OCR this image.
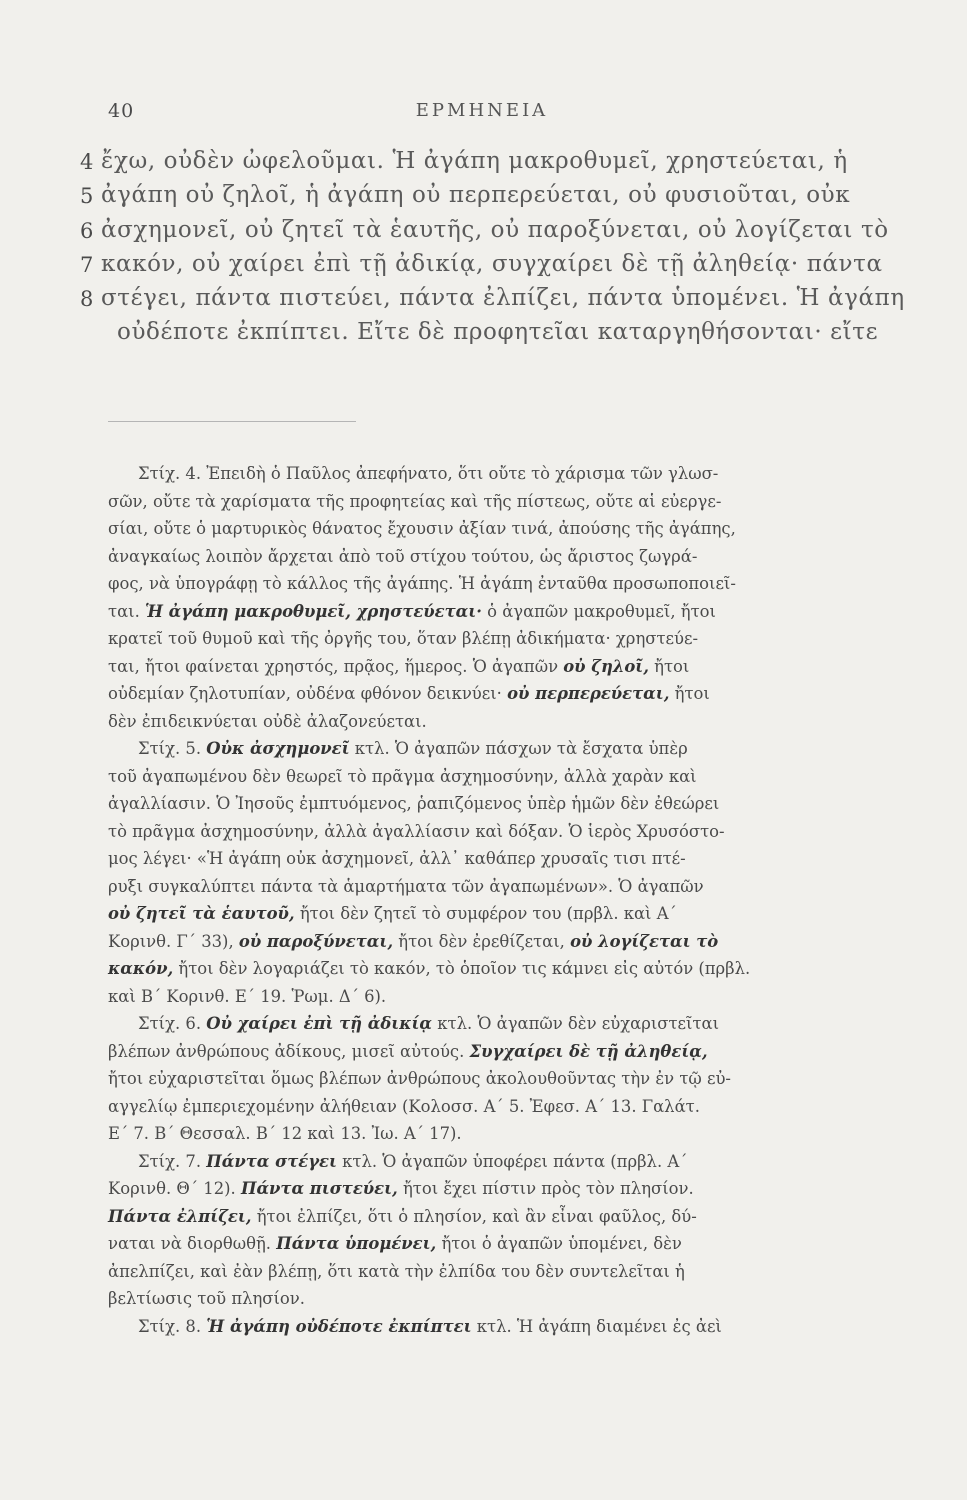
40	ΕΡΜΗΝΕΙΑ
4 ἔχω, οὐδὲν ὠφελοῦμαι. Ἡ ἀγάπη μακροθυμεῖ, χρηστεύεται, ἡ
5 ἀγάπη οὐ ζηλοῖ, ἡ ἀγάπη οὐ περπερεύεται, οὐ φυσιοῦται, οὐκ
6 ἀσχημονεῖ, οὐ ζητεῖ τὰ ἑαυτῆς, οὐ παροξύνεται, οὐ λογίζεται τὸ
7 κακόν, οὐ χαίρει ἐπὶ τῇ ἀδικίᾳ, συγχαίρει δὲ τῇ ἀληθείᾳ· πάντα
8 στέγει, πάντα πιστεύει, πάντα ἐλπίζει, πάντα ὑπομένει. Ἡ ἀγάπη
οὐδέποτε ἐκπίπτει. Εἴτε δὲ προφητεῖαι καταργηθήσονται· εἴτε
Στίχ. 4. Ἐπειδὴ ὁ Παῦλος ἀπεφήνατο, ὅτι οὔτε τὸ χάρισμα τῶν γλωσ-
σῶν, οὔτε τὰ χαρίσματα τῆς προφητείας καὶ τῆς πίστεως, οὔτε αἱ εὐεργε-
σίαι, οὔτε ὁ μαρτυρικὸς θάνατος ἔχουσιν ἀξίαν τινά, ἀπούσης τῆς ἀγάπης,
ἀναγκαίως λοιπὸν ἄρχεται ἀπὸ τοῦ στίχου τούτου, ὡς ἄριστος ζωγρά-
φος, νὰ ὑπογράφῃ τὸ κάλλος τῆς ἀγάπης. Ἡ ἀγάπη ἐνταῦθα προσωποποιεῖ-
ται. Ἡ ἀγάπη μακροθυμεῖ, χρηστεύεται· ὁ ἀγαπῶν μακροθυμεῖ, ἤτοι
κρατεῖ τοῦ θυμοῦ καὶ τῆς ὀργῆς του, ὅταν βλέπῃ ἀδικήματα· χρηστεύε-
ται, ἤτοι φαίνεται χρηστός, πρᾷος, ἥμερος. Ὁ ἀγαπῶν οὐ ζηλοῖ, ἤτοι
οὐδεμίαν ζηλοτυπίαν, οὐδένα φθόνον δεικνύει· οὐ περπερεύεται, ἤτοι
δὲν ἐπιδεικνύεται οὐδὲ ἀλαζονεύεται.
Στίχ. 5. Οὐκ ἀσχημονεῖ κτλ. Ὁ ἀγαπῶν πάσχων τὰ ἔσχατα ὑπὲρ
τοῦ ἀγαπωμένου δὲν θεωρεῖ τὸ πρᾶγμα ἀσχημοσύνην, ἀλλὰ χαρὰν καὶ
ἀγαλλίασιν. Ὁ Ἰησοῦς ἐμπτυόμενος, ῥαπιζόμενος ὑπὲρ ἡμῶν δὲν ἐθεώρει
τὸ πρᾶγμα ἀσχημοσύνην, ἀλλὰ ἀγαλλίασιν καὶ δόξαν. Ὁ ἱερὸς Χρυσόστο-
μος λέγει· «Ἡ ἀγάπη οὐκ ἀσχημονεῖ, ἀλλ᾽ καθάπερ χρυσαῖς τισι πτέ-
ρυξι συγκαλύπτει πάντα τὰ ἁμαρτήματα τῶν ἀγαπωμένων». Ὁ ἀγαπῶν
οὐ ζητεῖ τὰ ἑαυτοῦ, ἤτοι δὲν ζητεῖ τὸ συμφέρον του (πρβλ. καὶ Α΄
Κορινθ. Γ΄ 33), οὐ παροξύνεται, ἤτοι δὲν ἐρεθίζεται, οὐ λογίζεται τὸ
κακόν, ἤτοι δὲν λογαριάζει τὸ κακόν, τὸ ὁποῖον τις κάμνει εἰς αὐτόν (πρβλ.
καὶ Β΄ Κορινθ. Ε΄ 19. Ῥωμ. Δ΄ 6).
Στίχ. 6. Οὐ χαίρει ἐπὶ τῇ ἀδικίᾳ κτλ. Ὁ ἀγαπῶν δὲν εὐχαριστεῖται
βλέπων ἀνθρώπους ἀδίκους, μισεῖ αὐτούς. Συγχαίρει δὲ τῇ ἀληθείᾳ,
ἤτοι εὐχαριστεῖται ὅμως βλέπων ἀνθρώπους ἀκολουθοῦντας τὴν ἐν τῷ εὐ-
αγγελίῳ ἐμπεριεχομένην ἀλήθειαν (Κολοσσ. Α΄ 5. Ἐφεσ. Α΄ 13. Γαλάτ.
Ε΄ 7. Β΄ Θεσσαλ. Β΄ 12 καὶ 13. Ἰω. Α΄ 17).
Στίχ. 7. Πάντα στέγει κτλ. Ὁ ἀγαπῶν ὑποφέρει πάντα (πρβλ. Α΄
Κορινθ. Θ΄ 12). Πάντα πιστεύει, ἤτοι ἔχει πίστιν πρὸς τὸν πλησίον.
Πάντα ἐλπίζει, ἤτοι ἐλπίζει, ὅτι ὁ πλησίον, καὶ ἂν εἶναι φαῦλος, δύ-
ναται νὰ διορθωθῇ. Πάντα ὑπομένει, ἤτοι ὁ ἀγαπῶν ὑπομένει, δὲν
ἀπελπίζει, καὶ ἐὰν βλέπῃ, ὅτι κατὰ τὴν ἐλπίδα του δὲν συντελεῖται ἡ
βελτίωσις τοῦ πλησίον.
Στίχ. 8. Ἡ ἀγάπη οὐδέποτε ἐκπίπτει κτλ. Ἡ ἀγάπη διαμένει ἐς ἀεὶ
